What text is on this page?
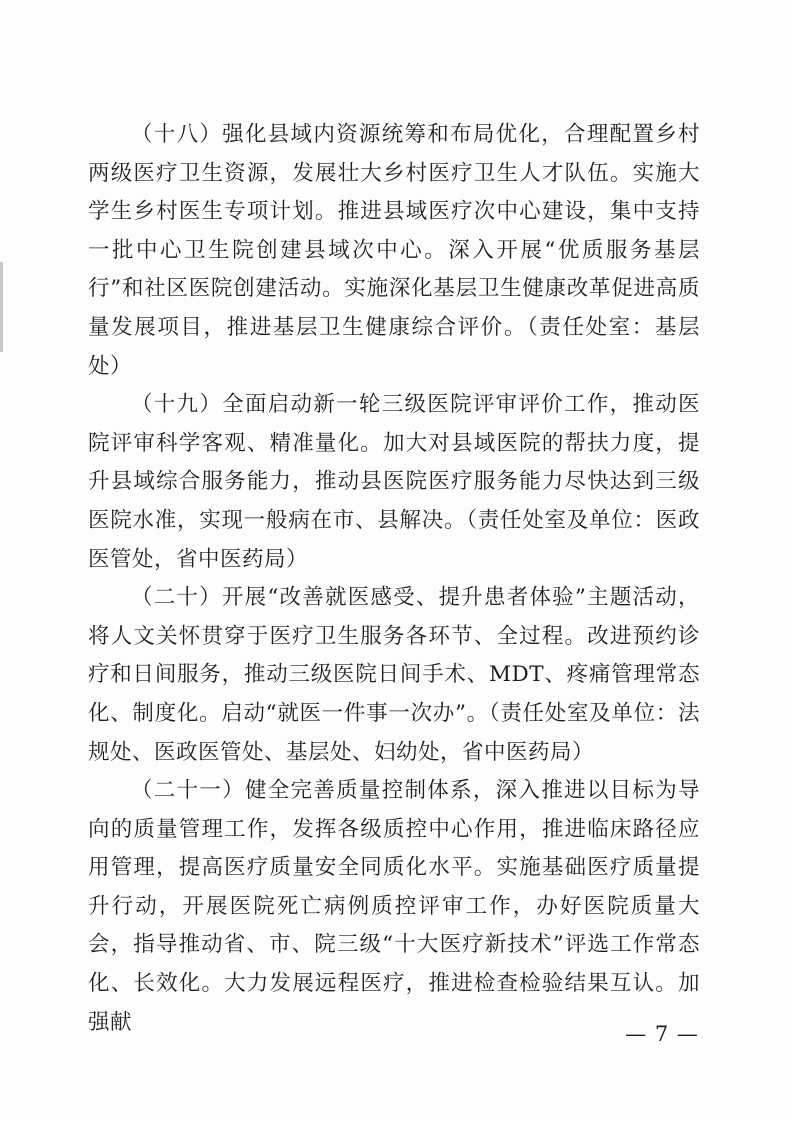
（十八）强化县域内资源统筹和布局优化，合理配置乡村两级医疗卫生资源，发展壮大乡村医疗卫生人才队伍。实施大学生乡村医生专项计划。推进县域医疗次中心建设，集中支持一批中心卫生院创建县域次中心。深入开展“优质服务基层行”和社区医院创建活动。实施深化基层卫生健康改革促进高质量发展项目，推进基层卫生健康综合评价。（责任处室：基层处）

（十九）全面启动新一轮三级医院评审评价工作，推动医院评审科学客观、精准量化。加大对县域医院的帮扶力度，提升县域综合服务能力，推动县医院医疗服务能力尽快达到三级医院水准，实现一般病在市、县解决。（责任处室及单位：医政医管处，省中医药局）

（二十）开展“改善就医感受、提升患者体验”主题活动，将人文关怀贯穿于医疗卫生服务各环节、全过程。改进预约诊疗和日间服务，推动三级医院日间手术、MDT、疼痛管理常态化、制度化。启动“就医一件事一次办”。（责任处室及单位：法规处、医政医管处、基层处、妇幼处，省中医药局）

（二十一）健全完善质量控制体系，深入推进以目标为导向的质量管理工作，发挥各级质控中心作用，推进临床路径应用管理，提高医疗质量安全同质化水平。实施基础医疗质量提升行动，开展医院死亡病例质控评审工作，办好医院质量大会，指导推动省、市、院三级“十大医疗新技术”评选工作常态化、长效化。大力发展远程医疗，推进检查检验结果互认。加强献	— 7 —
